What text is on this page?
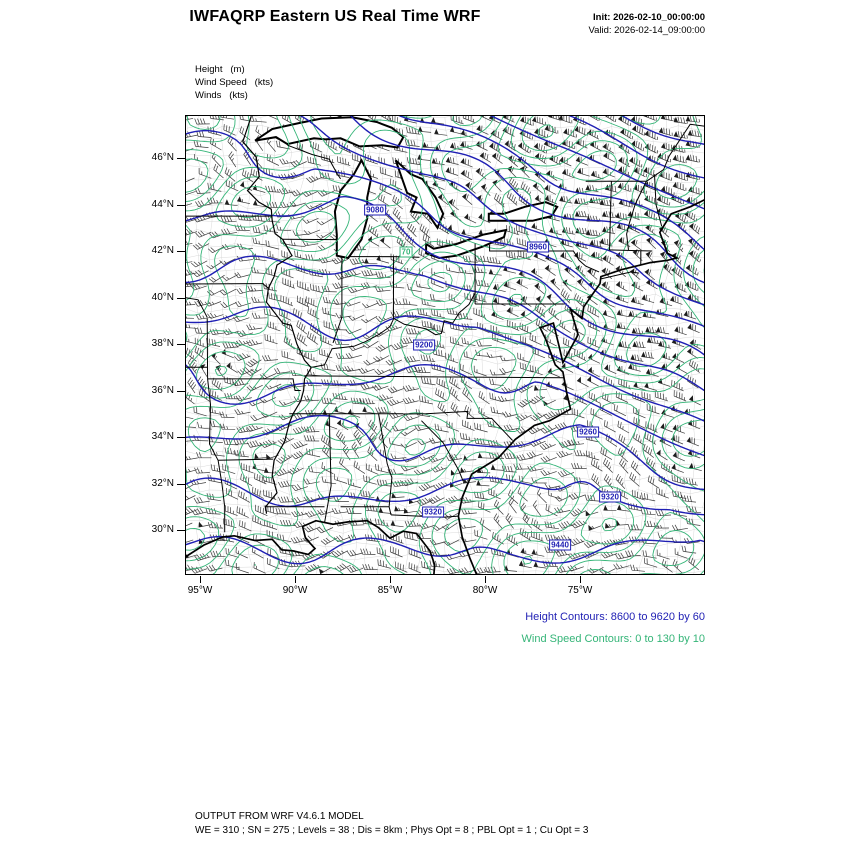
IWFAQRP Eastern US Real Time WRF	Init: 2026-02-10_00:00:00
Valid: 2026-02-14_09:00:00
Height   (m)
Wind Speed   (kts)
Winds   (kts)
46°N
44°N
42°N
40°N
38°N
36°N
34°N
32°N
30°N
95°W	90°W	85°W	80°W	75°W
9080
8960
9200
9260
9320
9320
9440
70
Height Contours: 8600 to 9620 by 60
Wind Speed Contours: 0 to 130 by 10
OUTPUT FROM WRF V4.6.1 MODEL
WE = 310 ; SN = 275 ; Levels = 38 ; Dis = 8km ; Phys Opt = 8 ; PBL Opt = 1 ; Cu Opt = 3
